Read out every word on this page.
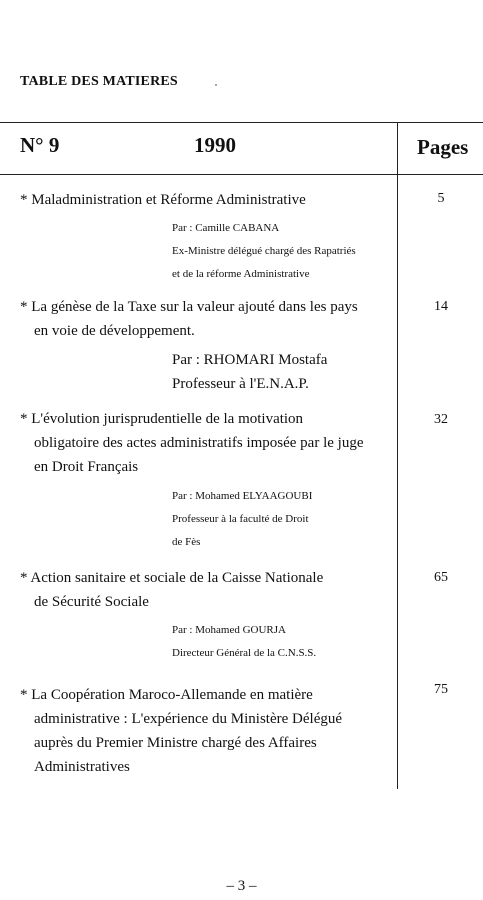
TABLE DES MATIERES
N° 9	1990	Pages
* Maladministration et Réforme Administrative
Par : Camille CABANA
Ex-Ministre délégué chargé des Rapatriés
et de la réforme Administrative
5
* La génèse de la Taxe sur la valeur ajouté dans les pays
en voie de développement.
Par : RHOMARI Mostafa
Professeur à l'E.N.A.P.
14
* L'évolution jurisprudentielle de la motivation
obligatoire des actes administratifs imposée par le juge
en Droit Français
Par : Mohamed ELYAAGOUBI
Professeur à la faculté de Droit
de Fès
32
* Action sanitaire et sociale de la Caisse Nationale
de Sécurité Sociale
Par : Mohamed GOURJA
Directeur Général de la C.N.S.S.
65
* La Coopération Maroco-Allemande en matière
administrative : L'expérience du Ministère Délégué
auprès du Premier Ministre chargé des Affaires
Administratives
75
– 3 –
